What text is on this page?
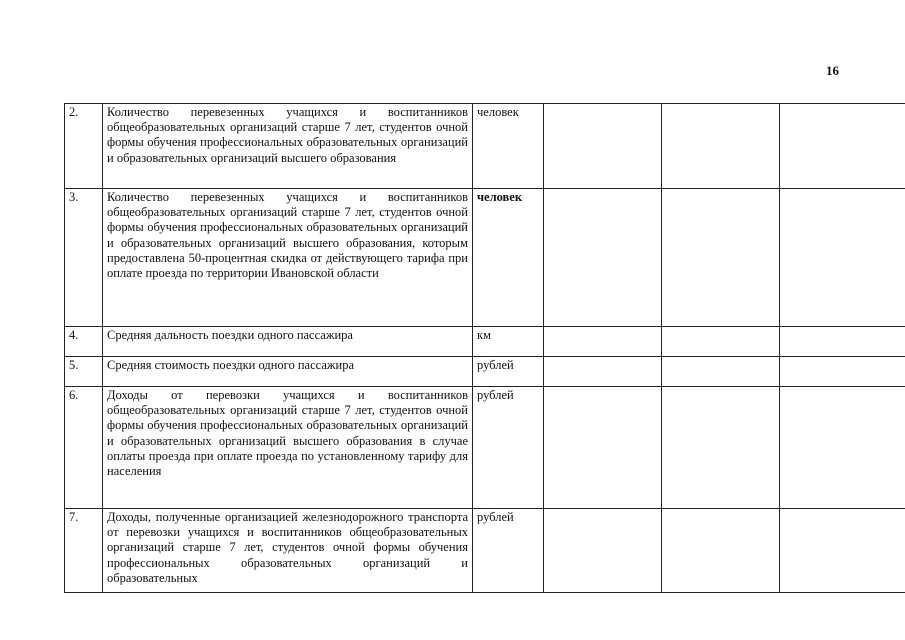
16
2.	Количество перевезенных учащихся и воспитанников общеобразовательных организаций старше 7 лет, студентов очной формы обучения профессиональных образовательных организаций и образовательных организаций высшего образования	человек			
3.	Количество перевезенных учащихся и воспитанников общеобразовательных организаций старше 7 лет, студентов очной формы обучения профессиональных образовательных организаций и образовательных организаций высшего образования, которым предоставлена 50-процентная скидка от действующего тарифа при оплате проезда по территории Ивановской области	человек			
4.	Средняя дальность поездки одного пассажира	км			
5.	Средняя стоимость поездки одного пассажира	рублей			
6.	Доходы от перевозки учащихся и воспитанников общеобразовательных организаций старше 7 лет, студентов очной формы обучения профессиональных образовательных организаций и образовательных организаций высшего образования в случае оплаты проезда при оплате проезда по установленному тарифу для населения	рублей			
7.	Доходы, полученные организацией железнодорожного транспорта от перевозки учащихся и воспитанников общеобразовательных организаций старше 7 лет, студентов очной формы обучения профессиональных образовательных организаций и образовательных	рублей			
